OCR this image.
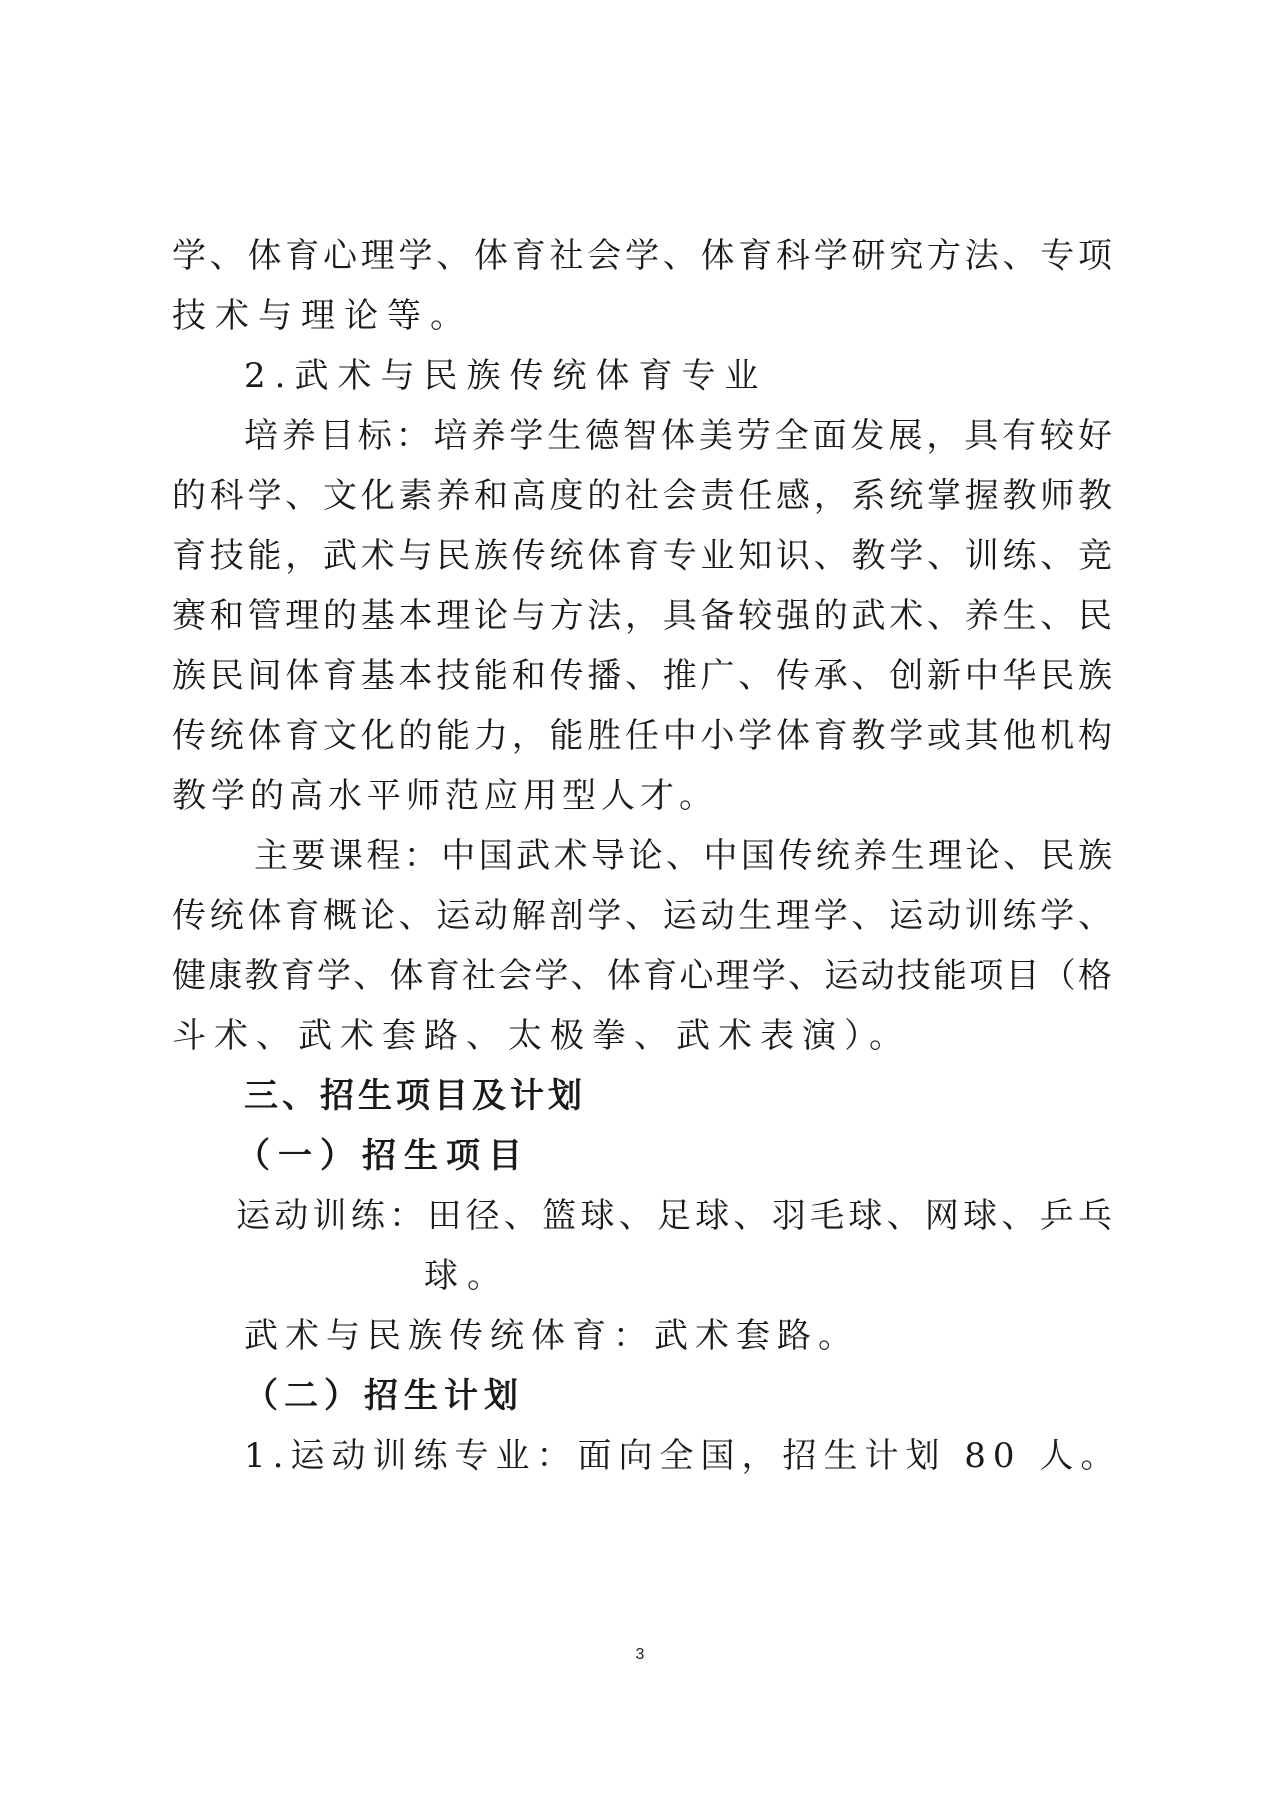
学、体育心理学、体育社会学、体育科学研究方法、专项
技术与理论等。
2.武术与民族传统体育专业
培养目标：培养学生德智体美劳全面发展，具有较好
的科学、文化素养和高度的社会责任感，系统掌握教师教
育技能，武术与民族传统体育专业知识、教学、训练、竞
赛和管理的基本理论与方法，具备较强的武术、养生、民
族民间体育基本技能和传播、推广、传承、创新中华民族
传统体育文化的能力，能胜任中小学体育教学或其他机构
教学的高水平师范应用型人才。
主要课程：中国武术导论、中国传统养生理论、民族
传统体育概论、运动解剖学、运动生理学、运动训练学、
健康教育学、体育社会学、体育心理学、运动技能项目（格
斗术、武术套路、太极拳、武术表演）。
三、招生项目及计划
（一）招生项目
运动训练：田径、篮球、足球、羽毛球、网球、乒乓
球。
武术与民族传统体育：武术套路。
（二）招生计划
1.运动训练专业：面向全国，招生计划 80 人。
3
